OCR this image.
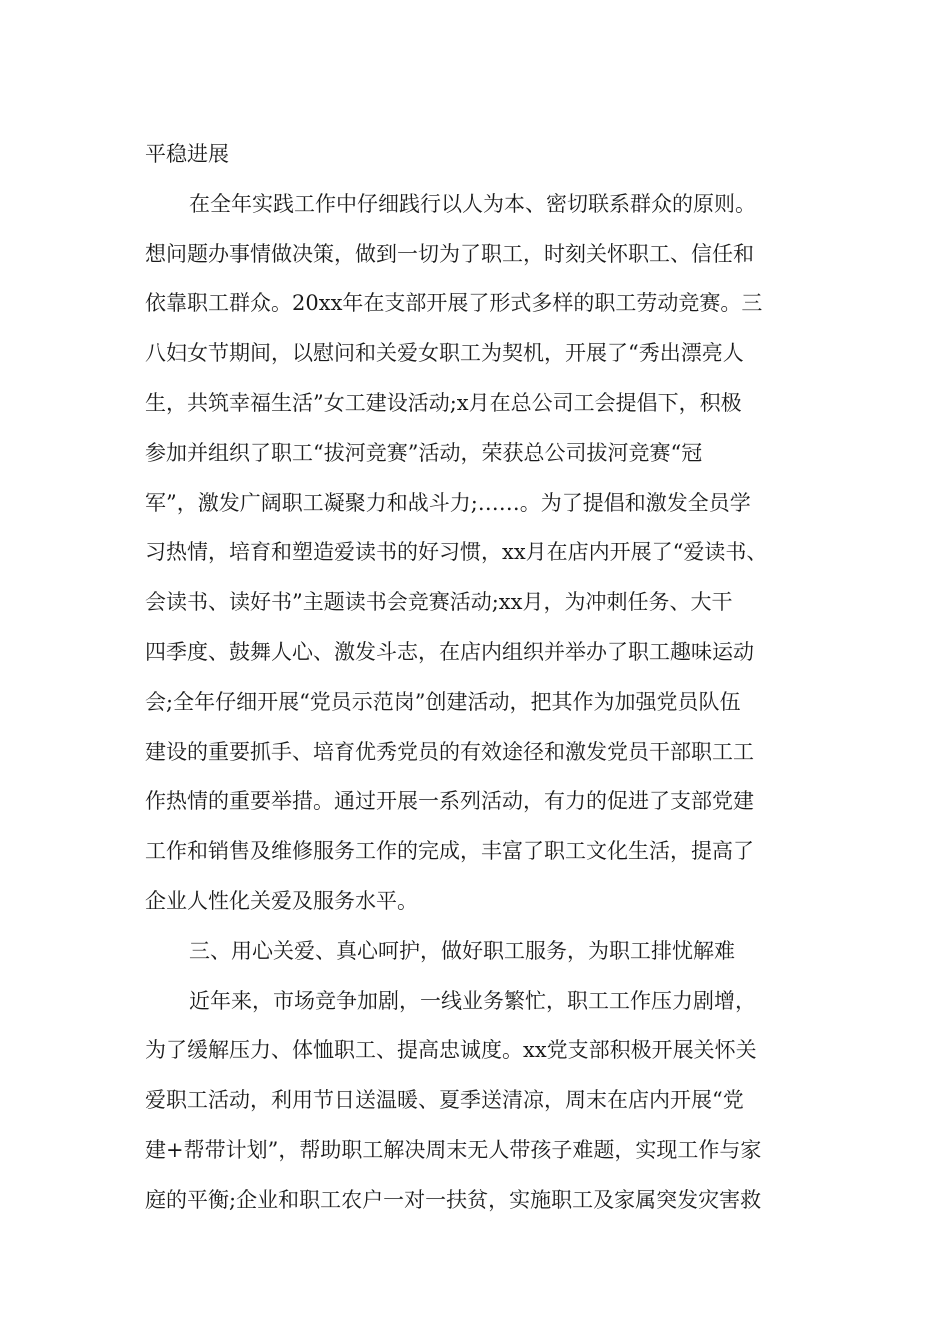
平稳进展
在全年实践工作中仔细践行以人为本、密切联系群众的原则。
想问题办事情做决策，做到一切为了职工，时刻关怀职工、信任和
依靠职工群众。20xx年在支部开展了形式多样的职工劳动竞赛。三
八妇女节期间，以慰问和关爱女职工为契机，开展了“秀出漂亮人
生，共筑幸福生活”女工建设活动;x月在总公司工会提倡下，积极
参加并组织了职工“拔河竞赛”活动，荣获总公司拔河竞赛“冠
军”，激发广阔职工凝聚力和战斗力;……。为了提倡和激发全员学
习热情，培育和塑造爱读书的好习惯，xx月在店内开展了“爱读书、
会读书、读好书”主题读书会竞赛活动;xx月，为冲刺任务、大干
四季度、鼓舞人心、激发斗志，在店内组织并举办了职工趣味运动
会;全年仔细开展“党员示范岗”创建活动，把其作为加强党员队伍
建设的重要抓手、培育优秀党员的有效途径和激发党员干部职工工
作热情的重要举措。通过开展一系列活动，有力的促进了支部党建
工作和销售及维修服务工作的完成，丰富了职工文化生活，提高了
企业人性化关爱及服务水平。
三、用心关爱、真心呵护，做好职工服务，为职工排忧解难
近年来，市场竞争加剧，一线业务繁忙，职工工作压力剧增，
为了缓解压力、体恤职工、提高忠诚度。xx党支部积极开展关怀关
爱职工活动，利用节日送温暖、夏季送清凉，周末在店内开展“党
建+帮带计划”，帮助职工解决周末无人带孩子难题，实现工作与家
庭的平衡;企业和职工农户一对一扶贫，实施职工及家属突发灾害救
